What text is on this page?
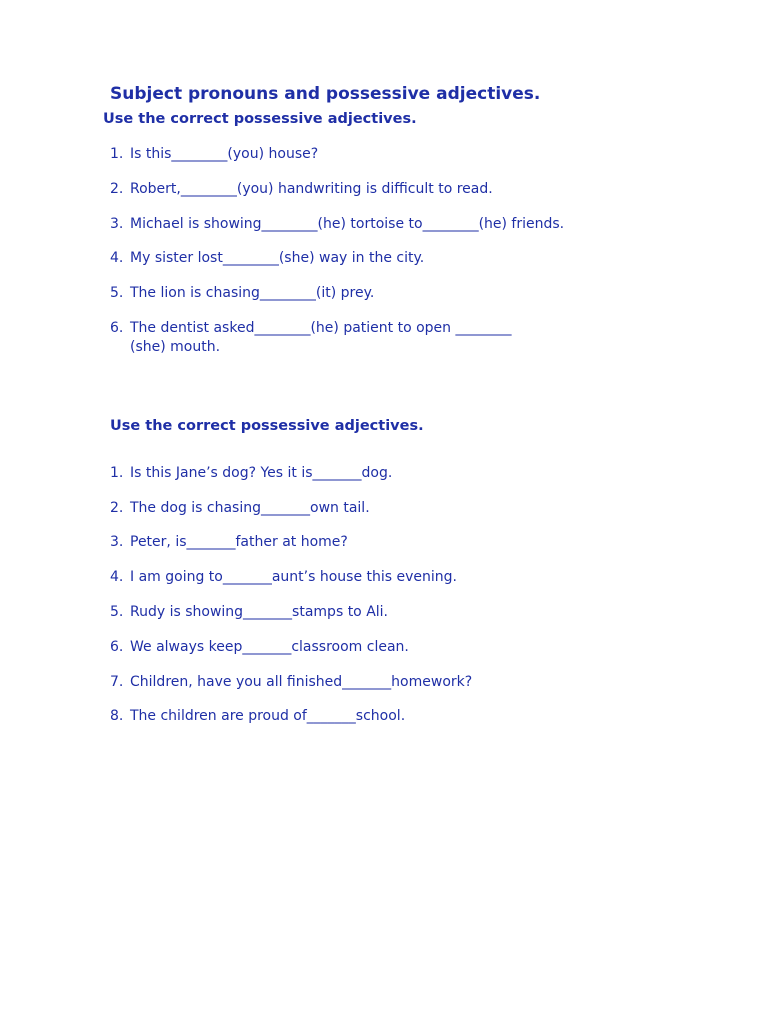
Subject pronouns and possessive adjectives.
Use the correct possessive adjectives.
1. Is this________(you) house?
2. Robert,________(you) handwriting is difficult to read.
3. Michael is showing________(he) tortoise to________(he) friends.
4. My sister lost________(she) way in the city.
5. The lion is chasing________(it) prey.
6. The dentist asked________(he) patient to open ________
(she) mouth.
Use the correct possessive adjectives.
1. Is this Jane’s dog? Yes it is_______dog.
2. The dog is chasing_______own tail.
3. Peter, is_______father at home?
4. I am going to_______aunt’s house this evening.
5. Rudy is showing_______stamps to Ali.
6. We always keep_______classroom clean.
7. Children, have you all finished_______homework?
8. The children are proud of_______school.
